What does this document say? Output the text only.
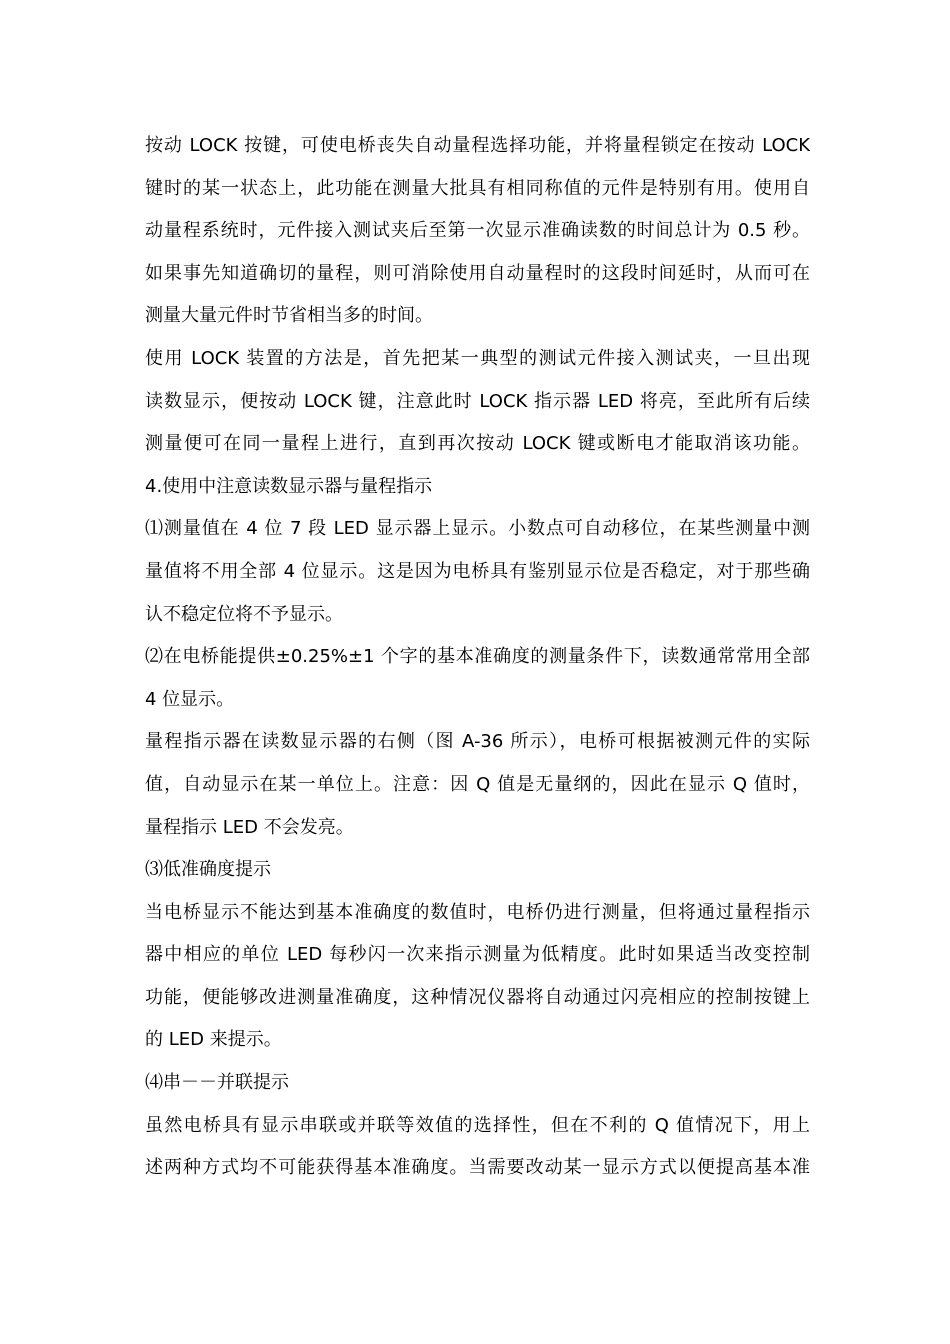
按动 LOCK 按键，可使电桥丧失自动量程选择功能，并将量程锁定在按动 LOCK
键时的某一状态上，此功能在测量大批具有相同称值的元件是特别有用。使用自
动量程系统时，元件接入测试夹后至第一次显示准确读数的时间总计为 0.5 秒。
如果事先知道确切的量程，则可消除使用自动量程时的这段时间延时，从而可在
测量大量元件时节省相当多的时间。
使用 LOCK 装置的方法是，首先把某一典型的测试元件接入测试夹，一旦出现
读数显示，便按动 LOCK 键，注意此时 LOCK 指示器 LED 将亮，至此所有后续
测量便可在同一量程上进行，直到再次按动 LOCK 键或断电才能取消该功能。
4.使用中注意读数显示器与量程指示
⑴测量值在 4 位 7 段 LED 显示器上显示。小数点可自动移位，在某些测量中测
量值将不用全部 4 位显示。这是因为电桥具有鉴别显示位是否稳定，对于那些确
认不稳定位将不予显示。
⑵在电桥能提供±0.25%±1 个字的基本准确度的测量条件下，读数通常常用全部
4 位显示。
量程指示器在读数显示器的右侧（图 A-36 所示），电桥可根据被测元件的实际
值，自动显示在某一单位上。注意：因 Q 值是无量纲的，因此在显示 Q 值时，
量程指示 LED 不会发亮。
⑶低准确度提示
当电桥显示不能达到基本准确度的数值时，电桥仍进行测量，但将通过量程指示
器中相应的单位 LED 每秒闪一次来指示测量为低精度。此时如果适当改变控制
功能，便能够改进测量准确度，这种情况仪器将自动通过闪亮相应的控制按键上
的 LED 来提示。
⑷串－－并联提示
虽然电桥具有显示串联或并联等效值的选择性，但在不利的 Q 值情况下，用上
述两种方式均不可能获得基本准确度。当需要改动某一显示方式以便提高基本准
